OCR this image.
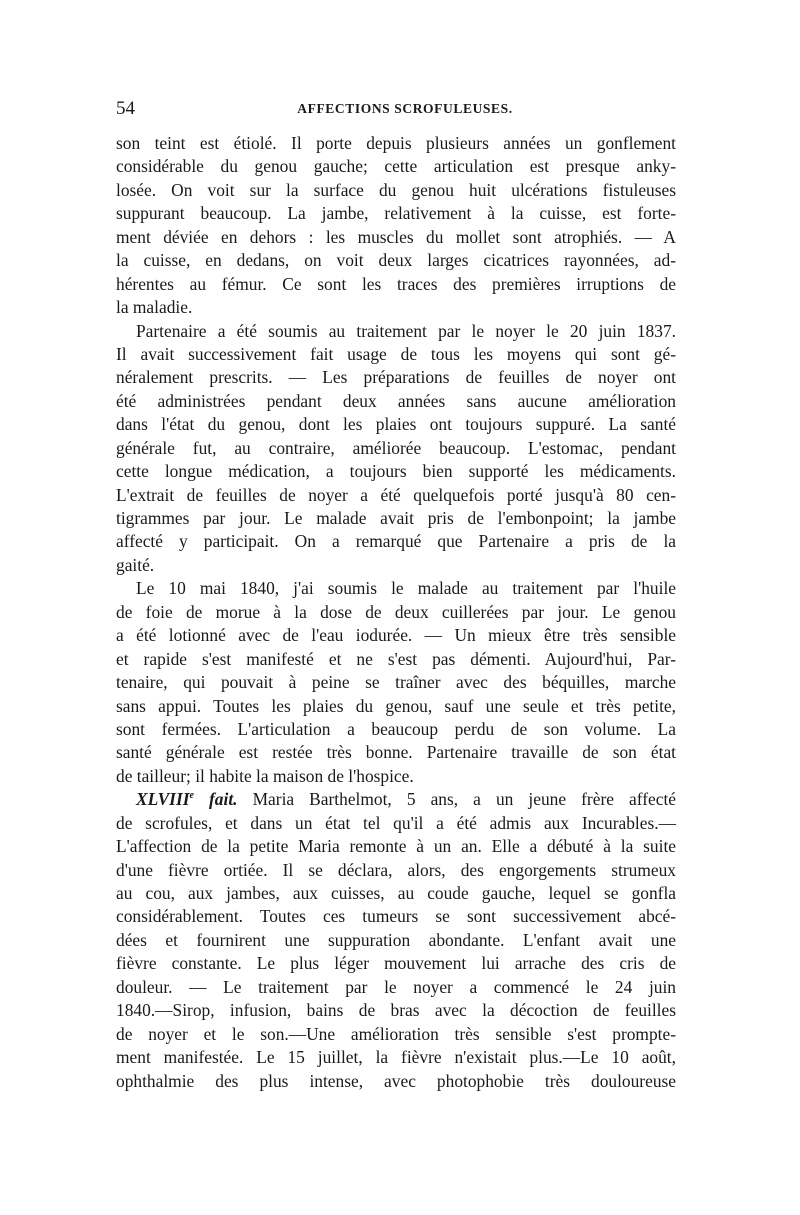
54	AFFECTIONS SCROFULEUSES.
son teint est étiolé. Il porte depuis plusieurs années un gonflement
considérable du genou gauche; cette articulation est presque anky-
losée. On voit sur la surface du genou huit ulcérations fistuleuses
suppurant beaucoup. La jambe, relativement à la cuisse, est forte-
ment déviée en dehors : les muscles du mollet sont atrophiés. — A
la cuisse, en dedans, on voit deux larges cicatrices rayonnées, ad-
hérentes au fémur. Ce sont les traces des premières irruptions de
la maladie.
Partenaire a été soumis au traitement par le noyer le 20 juin 1837.
Il avait successivement fait usage de tous les moyens qui sont gé-
néralement prescrits. — Les préparations de feuilles de noyer ont
été administrées pendant deux années sans aucune amélioration
dans l'état du genou, dont les plaies ont toujours suppuré. La santé
générale fut, au contraire, améliorée beaucoup. L'estomac, pendant
cette longue médication, a toujours bien supporté les médicaments.
L'extrait de feuilles de noyer a été quelquefois porté jusqu'à 80 cen-
tigrammes par jour. Le malade avait pris de l'embonpoint; la jambe
affecté y participait. On a remarqué que Partenaire a pris de la
gaité.
Le 10 mai 1840, j'ai soumis le malade au traitement par l'huile
de foie de morue à la dose de deux cuillerées par jour. Le genou
a été lotionné avec de l'eau iodurée. — Un mieux être très sensible
et rapide s'est manifesté et ne s'est pas démenti. Aujourd'hui, Par-
tenaire, qui pouvait à peine se traîner avec des béquilles, marche
sans appui. Toutes les plaies du genou, sauf une seule et très petite,
sont fermées. L'articulation a beaucoup perdu de son volume. La
santé générale est restée très bonne. Partenaire travaille de son état
de tailleur; il habite la maison de l'hospice.
XLVIIIe fait. Maria Barthelmot, 5 ans, a un jeune frère affecté
de scrofules, et dans un état tel qu'il a été admis aux Incurables.—
L'affection de la petite Maria remonte à un an. Elle a débuté à la suite
d'une fièvre ortiée. Il se déclara, alors, des engorgements strumeux
au cou, aux jambes, aux cuisses, au coude gauche, lequel se gonfla
considérablement. Toutes ces tumeurs se sont successivement abcé-
dées et fournirent une suppuration abondante. L'enfant avait une
fièvre constante. Le plus léger mouvement lui arrache des cris de
douleur. — Le traitement par le noyer a commencé le 24 juin
1840.—Sirop, infusion, bains de bras avec la décoction de feuilles
de noyer et le son.—Une amélioration très sensible s'est prompte-
ment manifestée. Le 15 juillet, la fièvre n'existait plus.—Le 10 août,
ophthalmie des plus intense, avec photophobie très douloureuse
